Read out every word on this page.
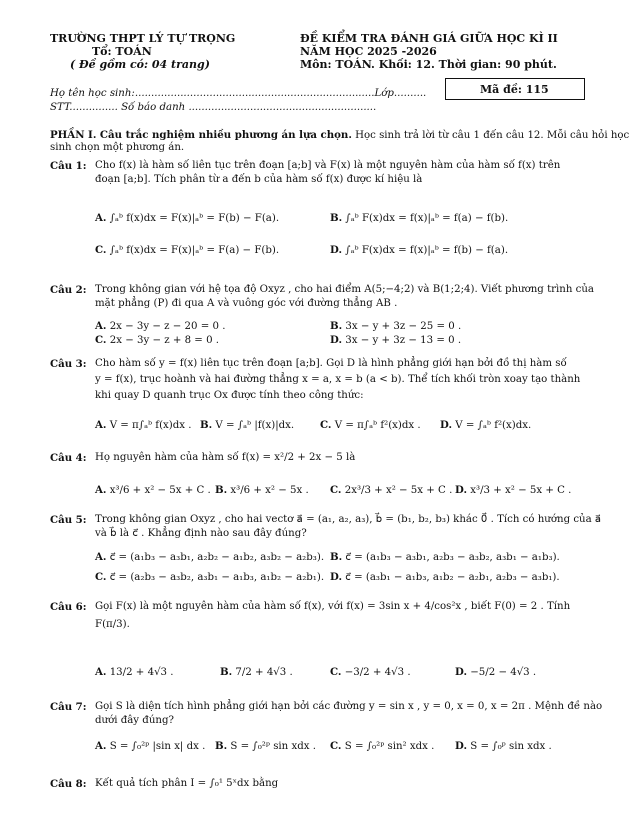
TRƯỜNG THPT LÝ TỰ TRỌNG
Tổ: TOÁN
( Đề gồm có: 04 trang)
ĐỀ KIỂM TRA ĐÁNH GIÁ GIỮA HỌC KÌ II
NĂM HỌC 2025 -2026
Môn: TOÁN. Khối: 12. Thời gian: 90 phút.
Họ tên học sinh:..........................................................................Lớp..........
STT............... Số báo danh ..........................................................
Mã đề: 115
PHẦN I. Câu trắc nghiệm nhiều phương án lựa chọn. Học sinh trả lời từ câu 1 đến câu 12. Mỗi câu hỏi học
sinh chọn một phương án.
Câu 1: Cho f(x) là hàm số liên tục trên đoạn [a;b] và F(x) là một nguyên hàm của hàm số f(x) trên
đoạn [a;b]. Tích phân từ a đến b của hàm số f(x) được kí hiệu là
A. ∫ₐᵇ f(x)dx = F(x)|ₐᵇ = F(b) − F(a).	B. ∫ₐᵇ F(x)dx = f(x)|ₐᵇ = f(a) − f(b).
C. ∫ₐᵇ f(x)dx = F(x)|ₐᵇ = F(a) − F(b).	D. ∫ₐᵇ F(x)dx = f(x)|ₐᵇ = f(b) − f(a).
Câu 2: Trong không gian với hệ tọa độ Oxyz , cho hai điểm A(5;−4;2) và B(1;2;4). Viết phương trình của
mặt phẳng (P) đi qua A và vuông góc với đường thẳng AB .
A. 2x − 3y − z − 20 = 0 .	B. 3x − y + 3z − 25 = 0 .
C. 2x − 3y − z + 8 = 0 .	D. 3x − y + 3z − 13 = 0 .
Câu 3: Cho hàm số y = f(x) liên tục trên đoạn [a;b]. Gọi D là hình phẳng giới hạn bởi đồ thị hàm số
y = f(x), trục hoành và hai đường thẳng x = a, x = b (a < b). Thể tích khối tròn xoay tạo thành
khi quay D quanh trục Ox được tính theo công thức:
A. V = π∫ₐᵇ f(x)dx . B. V = ∫ₐᵇ |f(x)|dx.	C. V = π∫ₐᵇ f²(x)dx . D. V = ∫ₐᵇ f²(x)dx.
Câu 4: Họ nguyên hàm của hàm số f(x) = x²/2 + 2x − 5 là
A. x³/6 + x² − 5x + C . B. x³/6 + x² − 5x . C. 2x³/3 + x² − 5x + C . D. x³/3 + x² − 5x + C .
Câu 5: Trong không gian Oxyz , cho hai vectơ a⃗ = (a₁, a₂, a₃), b⃗ = (b₁, b₂, b₃) khác 0⃗ . Tích có hướng của a⃗
và b⃗ là c⃗ . Khẳng định nào sau đây đúng?
A. c⃗ = (a₁b₃ − a₃b₁, a₂b₂ − a₁b₂, a₃b₂ − a₂b₃). B. c⃗ = (a₁b₃ − a₃b₁, a₂b₃ − a₃b₂, a₃b₁ − a₁b₃).
C. c⃗ = (a₂b₃ − a₃b₂, a₃b₁ − a₁b₃, a₁b₂ − a₂b₁). D. c⃗ = (a₃b₁ − a₁b₃, a₁b₂ − a₂b₁, a₂b₃ − a₃b₁).
Câu 6: Gọi F(x) là một nguyên hàm của hàm số f(x), với f(x) = 3sin x + 4/cos²x , biết F(0) = 2 . Tính
F(π/3).
A. 13/2 + 4√3 .	B. 7/2 + 4√3 .	C. −3/2 + 4√3 .	D. −5/2 − 4√3 .
Câu 7: Gọi S là diện tích hình phẳng giới hạn bởi các đường y = sin x , y = 0, x = 0, x = 2π . Mệnh đề nào
dưới đây đúng?
A. S = ∫₀²ᵖ |sin x| dx . B. S = ∫₀²ᵖ sin xdx . C. S = ∫₀²ᵖ sin² xdx . D. S = ∫₀ᵖ sin xdx .
Câu 8: Kết quả tích phân I = ∫₀¹ 5ˣdx bằng
